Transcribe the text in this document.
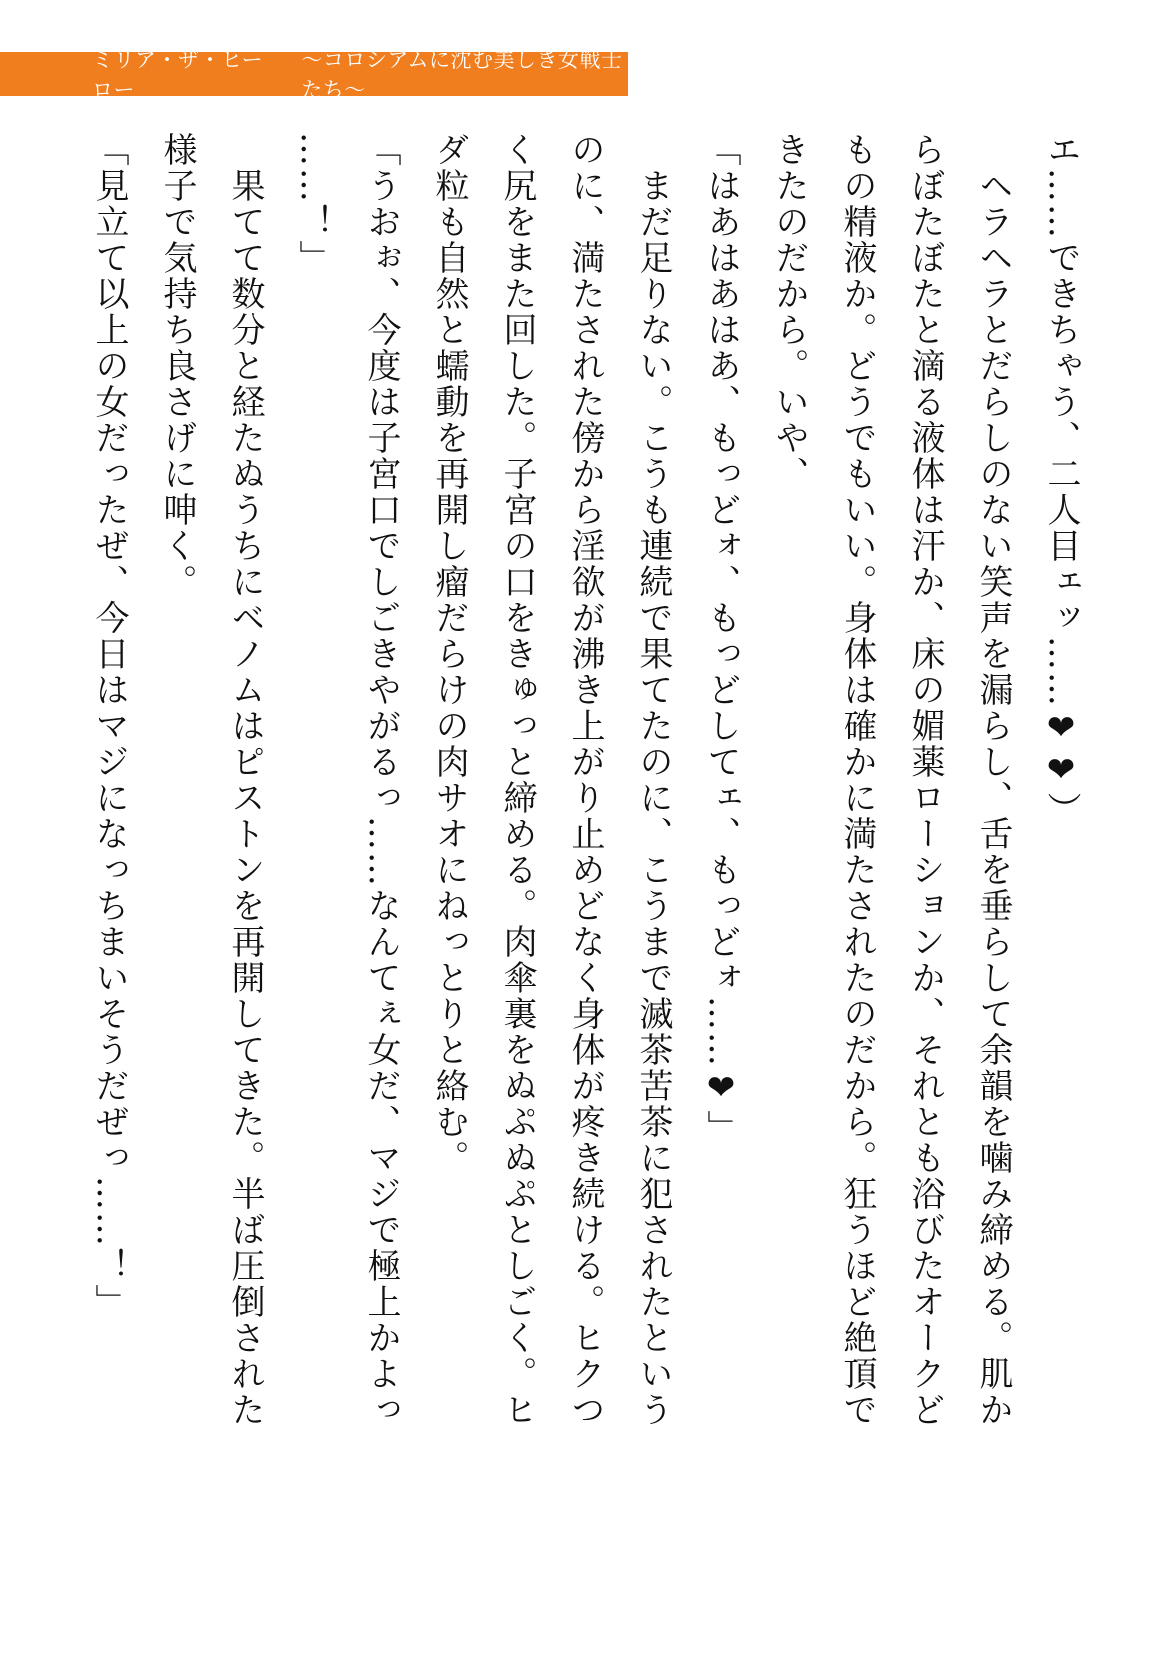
ミリア・ザ・ヒーロー
〜コロシアムに沈む美しき女戦士たち〜

エ……できちゃう、二人目ェッ……❤❤）

　ヘラヘラとだらしのない笑声を漏らし、舌を垂らして余韻を噛み締める。肌か

らぼたぼたと滴る液体は汗か、床の媚薬ローションか、それとも浴びたオークど

もの精液か。どうでもいい。身体は確かに満たされたのだから。狂うほど絶頂で

きたのだから。いや、

「はあはあはあ、もっどォ、もっどしてェ、もっどォ……❤」

　まだ足りない。こうも連続で果てたのに、こうまで滅茶苦茶に犯されたという

のに、満たされた傍から淫欲が沸き上がり止めどなく身体が疼き続ける。ヒクつ

く尻をまた回した。子宮の口をきゅっと締める。肉傘裏をぬぷぬぷとしごく。ヒ

ダ粒も自然と蠕動を再開し瘤だらけの肉サオにねっとりと絡む。

「うおぉ、今度は子宮口でしごきやがるっ……なんてぇ女だ、マジで極上かよっ

……！」

　果てて数分と経たぬうちにベノムはピストンを再開してきた。半ば圧倒された

様子で気持ち良さげに呻く。

「見立て以上の女だったぜ、今日はマジになっちまいそうだぜっ……！」
